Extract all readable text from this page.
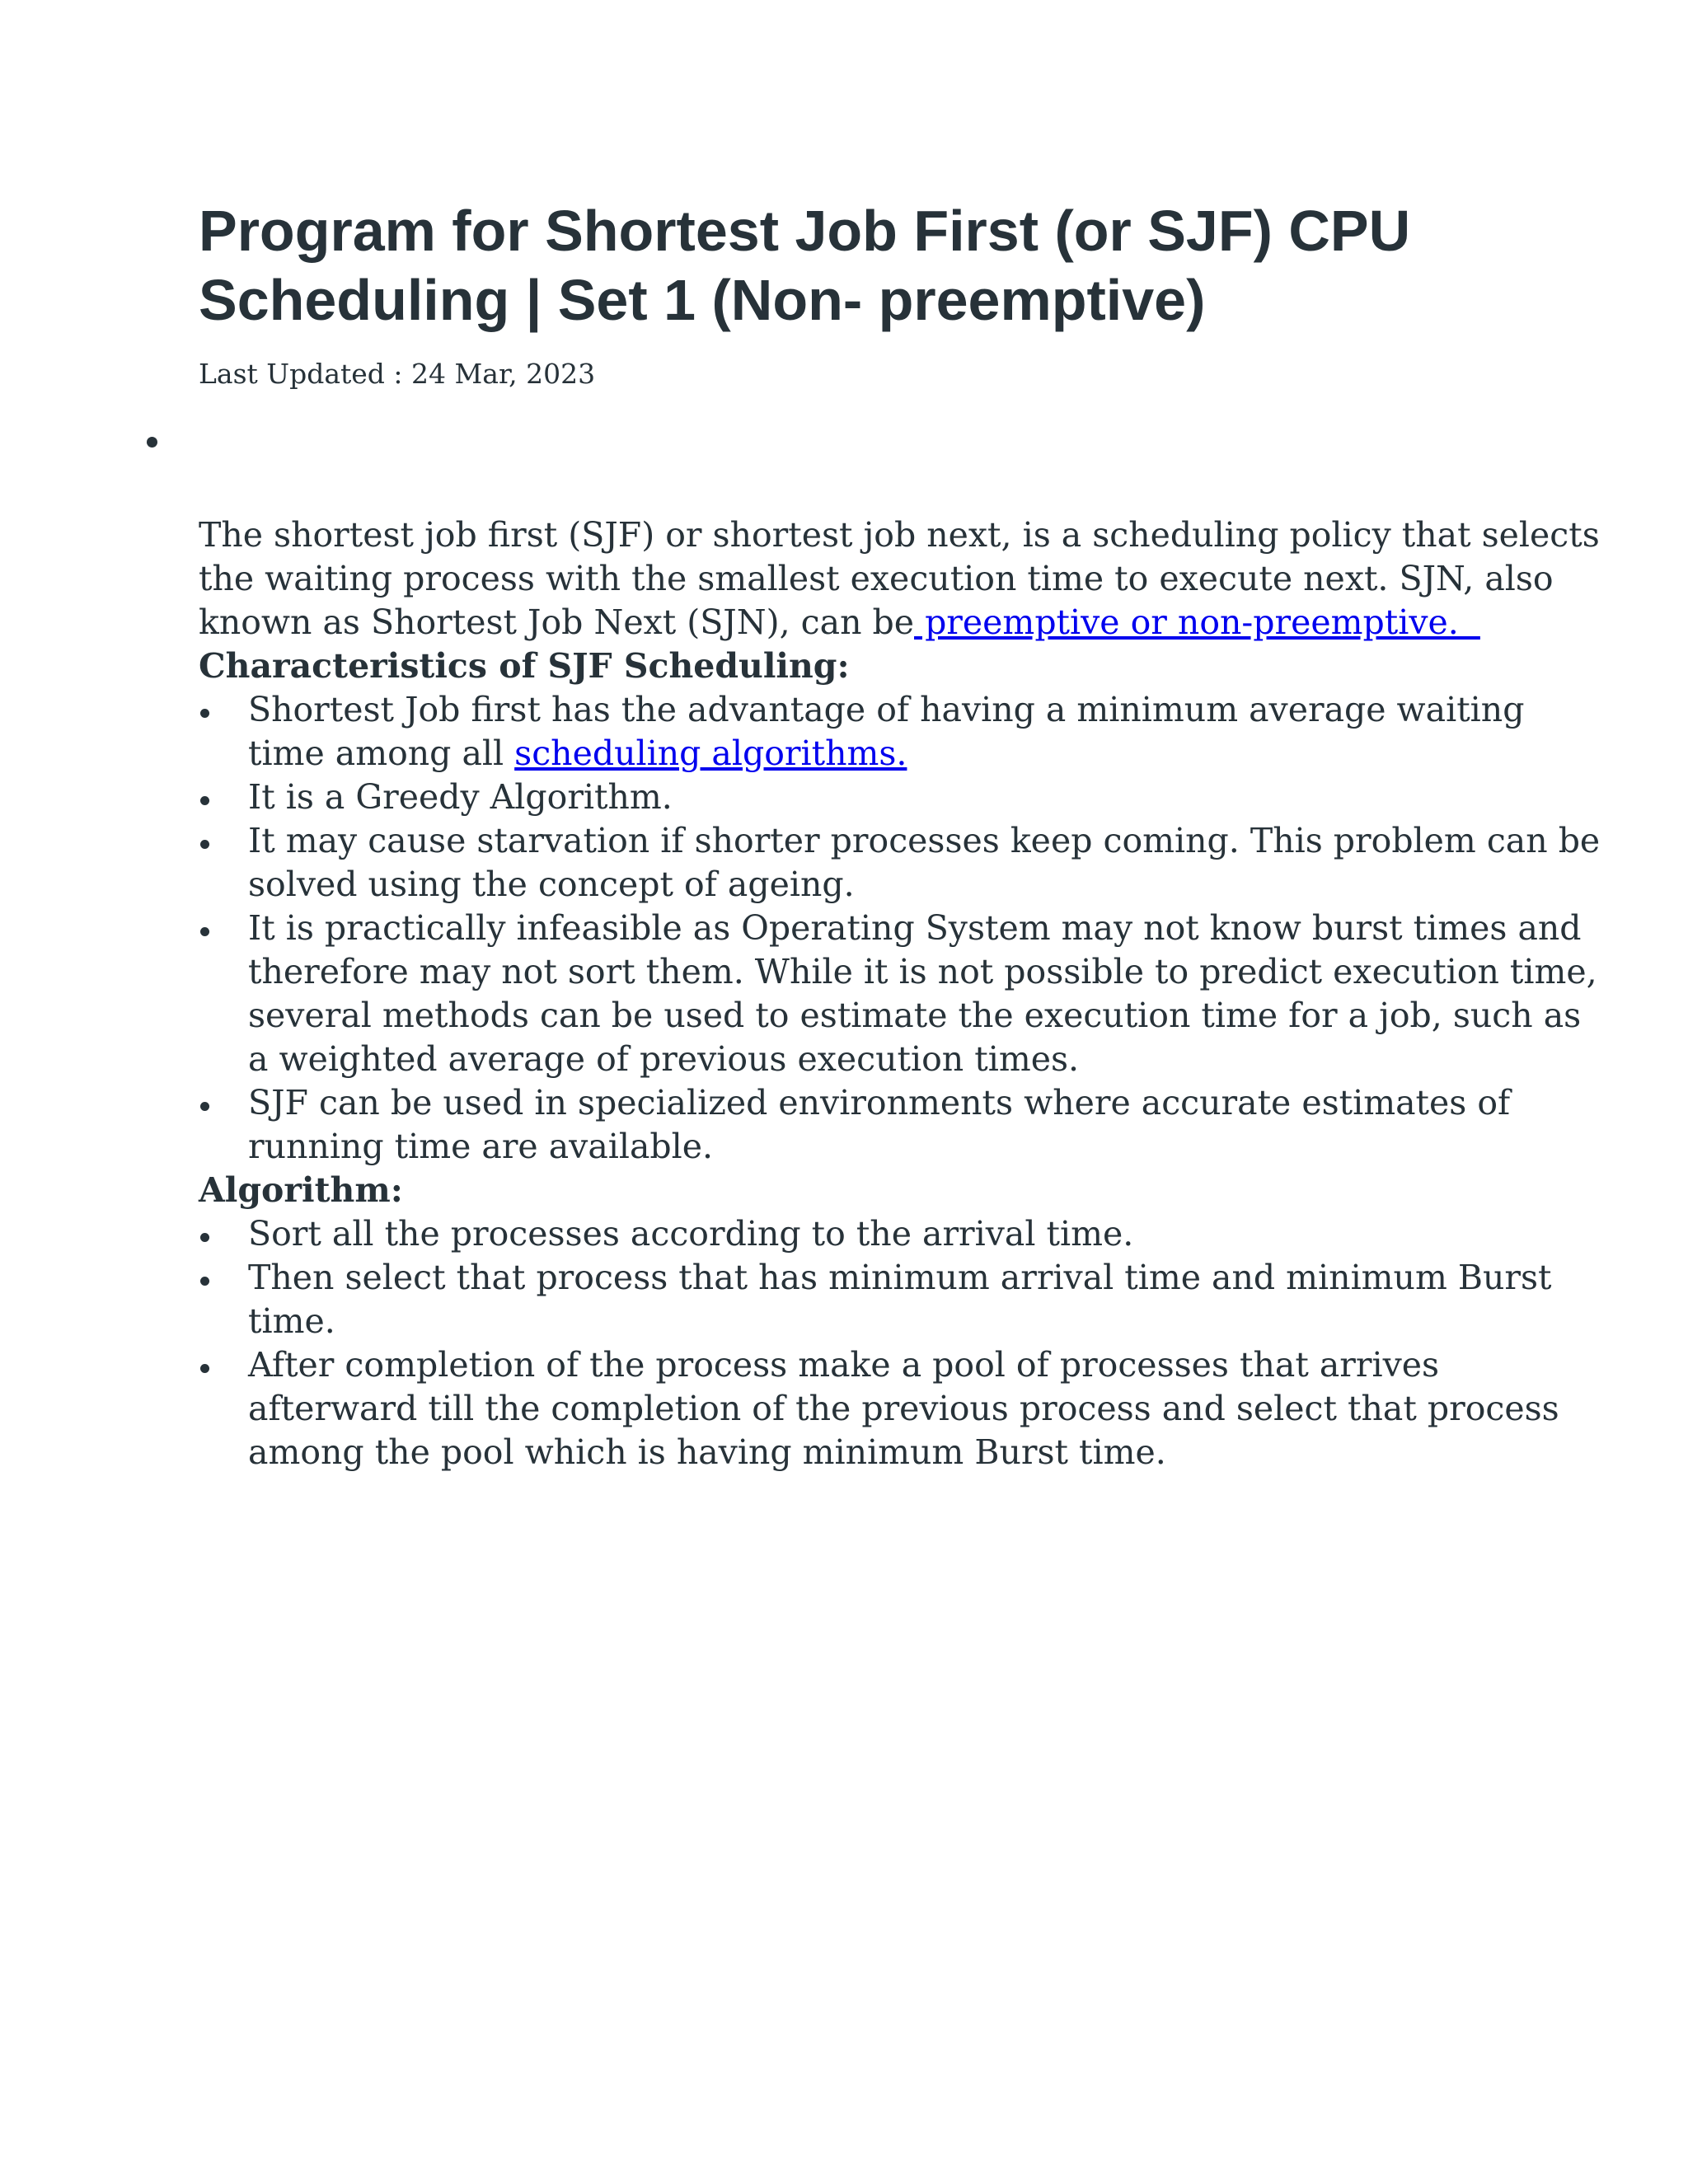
Program for Shortest Job First (or SJF) CPU
Scheduling | Set 1 (Non- preemptive)
Last Updated : 24 Mar, 2023

The shortest job first (SJF) or shortest job next, is a scheduling policy that selects
the waiting process with the smallest execution time to execute next. SJN, also
known as Shortest Job Next (SJN), can be preemptive or non-preemptive.

Characteristics of SJF Scheduling:
Shortest Job first has the advantage of having a minimum average waiting
time among all scheduling algorithms.
It is a Greedy Algorithm.
It may cause starvation if shorter processes keep coming. This problem can be
solved using the concept of ageing.
It is practically infeasible as Operating System may not know burst times and
therefore may not sort them. While it is not possible to predict execution time,
several methods can be used to estimate the execution time for a job, such as
a weighted average of previous execution times.
SJF can be used in specialized environments where accurate estimates of
running time are available.
Algorithm:
Sort all the processes according to the arrival time.
Then select that process that has minimum arrival time and minimum Burst
time.
After completion of the process make a pool of processes that arrives
afterward till the completion of the previous process and select that process
among the pool which is having minimum Burst time.
